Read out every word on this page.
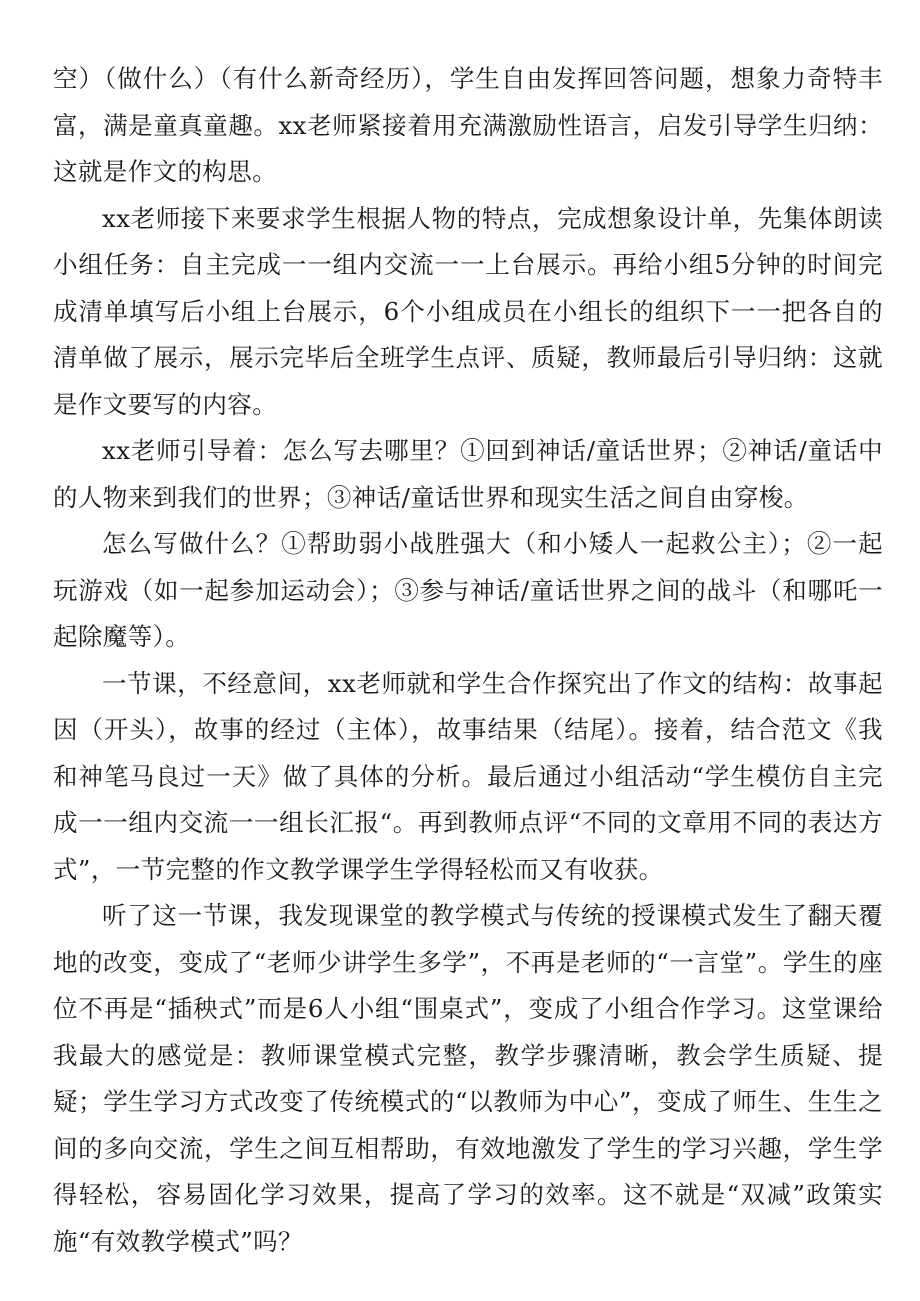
空）（做什么）（有什么新奇经历），学生自由发挥回答问题，想象力奇特丰富，满是童真童趣。xx老师紧接着用充满激励性语言，启发引导学生归纳：这就是作文的构思。

xx老师接下来要求学生根据人物的特点，完成想象设计单，先集体朗读小组任务：自主完成一一组内交流一一上台展示。再给小组5分钟的时间完成清单填写后小组上台展示，6个小组成员在小组长的组织下一一把各自的清单做了展示，展示完毕后全班学生点评、质疑，教师最后引导归纳：这就是作文要写的内容。

xx老师引导着：怎么写去哪里？①回到神话/童话世界；②神话/童话中的人物来到我们的世界；③神话/童话世界和现实生活之间自由穿梭。

怎么写做什么？①帮助弱小战胜强大（和小矮人一起救公主）；②一起玩游戏（如一起参加运动会）；③参与神话/童话世界之间的战斗（和哪吒一起除魔等）。

一节课，不经意间，xx老师就和学生合作探究出了作文的结构：故事起因（开头），故事的经过（主体），故事结果（结尾）。接着，结合范文《我和神笔马良过一天》做了具体的分析。最后通过小组活动“学生模仿自主完成一一组内交流一一组长汇报“。再到教师点评“不同的文章用不同的表达方式”，一节完整的作文教学课学生学得轻松而又有收获。

听了这一节课，我发现课堂的教学模式与传统的授课模式发生了翻天覆地的改变，变成了“老师少讲学生多学”，不再是老师的“一言堂”。学生的座位不再是“插秧式”而是6人小组“围桌式”，变成了小组合作学习。这堂课给我最大的感觉是：教师课堂模式完整，教学步骤清晰，教会学生质疑、提疑；学生学习方式改变了传统模式的“以教师为中心”，变成了师生、生生之间的多向交流，学生之间互相帮助，有效地激发了学生的学习兴趣，学生学得轻松，容易固化学习效果，提高了学习的效率。这不就是“双减”政策实施“有效教学模式”吗？
